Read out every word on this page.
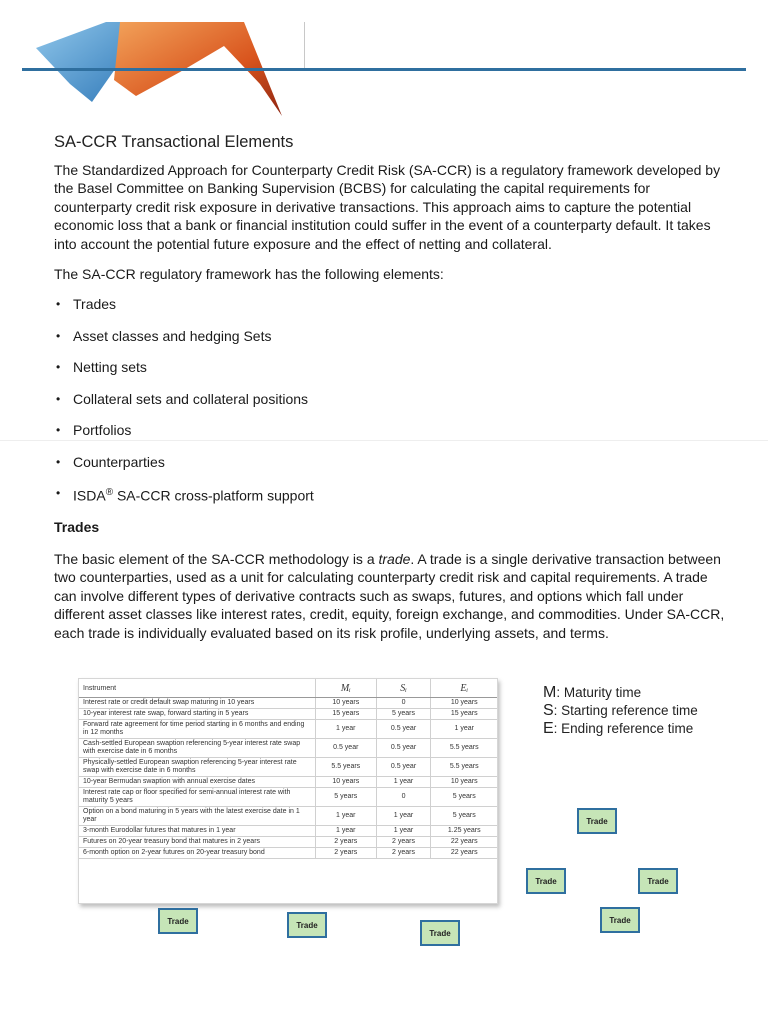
SA-CCR Transactional Elements

The Standardized Approach for Counterparty Credit Risk (SA-CCR) is a regulatory framework developed by the Basel Committee on Banking Supervision (BCBS) for calculating the capital requirements for counterparty credit risk exposure in derivative transactions. This approach aims to capture the potential economic loss that a bank or financial institution could suffer in the event of a counterparty default. It takes into account the potential future exposure and the effect of netting and collateral.

The SA-CCR regulatory framework has the following elements:

• Trades
• Asset classes and hedging Sets
• Netting sets
• Collateral sets and collateral positions
• Portfolios
• Counterparties
• ISDA® SA-CCR cross-platform support
Trades

The basic element of the SA-CCR methodology is a trade. A trade is a single derivative transaction between two counterparties, used as a unit for calculating counterparty credit risk and capital requirements. A trade can involve different types of derivative contracts such as swaps, futures, and options which fall under different asset classes like interest rates, credit, equity, foreign exchange, and commodities. Under SA-CCR, each trade is individually evaluated based on its risk profile, underlying assets, and terms.

Instrument	Mᵢ	Sᵢ	Eᵢ
Interest rate or credit default swap maturing in 10 years	10 years	0	10 years
10-year interest rate swap, forward starting in 5 years	15 years	5 years	15 years
Forward rate agreement for time period starting in 6 months and ending in 12 months	1 year	0.5 year	1 year
Cash-settled European swaption referencing 5-year interest rate swap with exercise date in 6 months	0.5 year	0.5 year	5.5 years
Physically-settled European swaption referencing 5-year interest rate swap with exercise date in 6 months	5.5 years	0.5 year	5.5 years
10-year Bermudan swaption with annual exercise dates	10 years	1 year	10 years
Interest rate cap or floor specified for semi-annual interest rate with maturity 5 years	5 years	0	5 years
Option on a bond maturing in 5 years with the latest exercise date in 1 year	1 year	1 year	5 years
3-month Eurodollar futures that matures in 1 year	1 year	1 year	1.25 years
Futures on 20-year treasury bond that matures in 2 years	2 years	2 years	22 years
6-month option on 2-year futures on 20-year treasury bond	2 years	2 years	22 years
M: Maturity time
S: Starting reference time
E: Ending reference time
Trade	Trade
Trade
Trade
Trade	Trade
Trade
